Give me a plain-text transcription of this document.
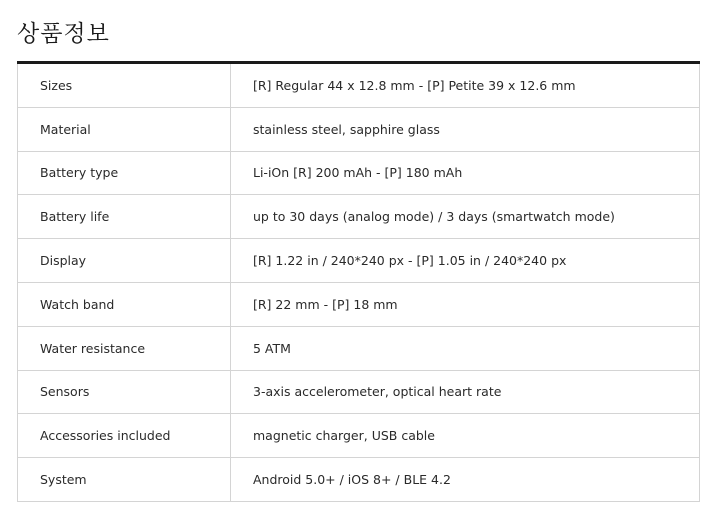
상품정보
Sizes	[R] Regular 44 x 12.8 mm - [P] Petite 39 x 12.6 mm
Material	stainless steel, sapphire glass
Battery type	Li-iOn [R] 200 mAh - [P] 180 mAh
Battery life	up to 30 days (analog mode) / 3 days (smartwatch mode)
Display	[R] 1.22 in / 240*240 px - [P] 1.05 in / 240*240 px
Watch band	[R] 22 mm - [P] 18 mm
Water resistance	5 ATM
Sensors	3-axis accelerometer, optical heart rate
Accessories included	magnetic charger, USB cable
System	Android 5.0+ / iOS 8+ / BLE 4.2
